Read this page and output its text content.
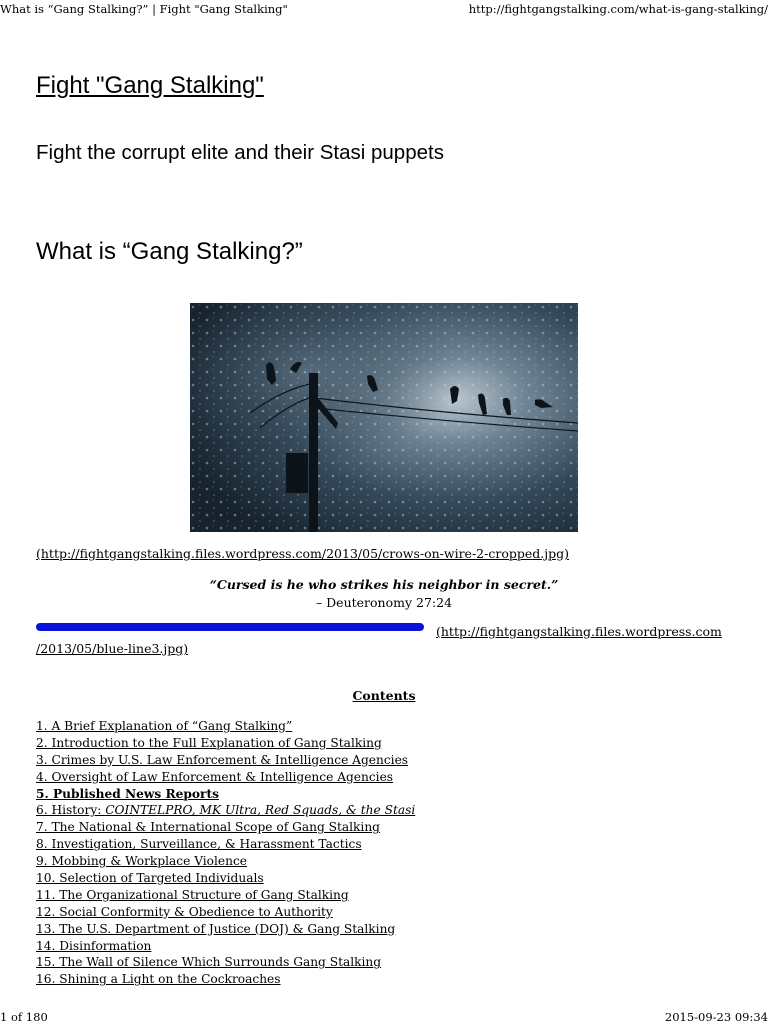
What is “Gang Stalking?” | Fight "Gang Stalking"	http://fightgangstalking.com/what-is-gang-stalking/
Fight "Gang Stalking"
Fight the corrupt elite and their Stasi puppets
What is “Gang Stalking?”
(http://fightgangstalking.files.wordpress.com/2013/05/crows-on-wire-2-cropped.jpg)
“Cursed is he who strikes his neighbor in secret.”
– Deuteronomy 27:24
(http://fightgangstalking.files.wordpress.com
/2013/05/blue-line3.jpg)
Contents
1. A Brief Explanation of “Gang Stalking”
2. Introduction to the Full Explanation of Gang Stalking
3. Crimes by U.S. Law Enforcement & Intelligence Agencies
4. Oversight of Law Enforcement & Intelligence Agencies
5. Published News Reports
6. History: COINTELPRO, MK Ultra, Red Squads, & the Stasi
7. The National & International Scope of Gang Stalking
8. Investigation, Surveillance, & Harassment Tactics
9. Mobbing & Workplace Violence
10. Selection of Targeted Individuals
11. The Organizational Structure of Gang Stalking
12. Social Conformity & Obedience to Authority
13. The U.S. Department of Justice (DOJ) & Gang Stalking
14. Disinformation
15. The Wall of Silence Which Surrounds Gang Stalking
16. Shining a Light on the Cockroaches
1 of 180	2015-09-23 09:34
